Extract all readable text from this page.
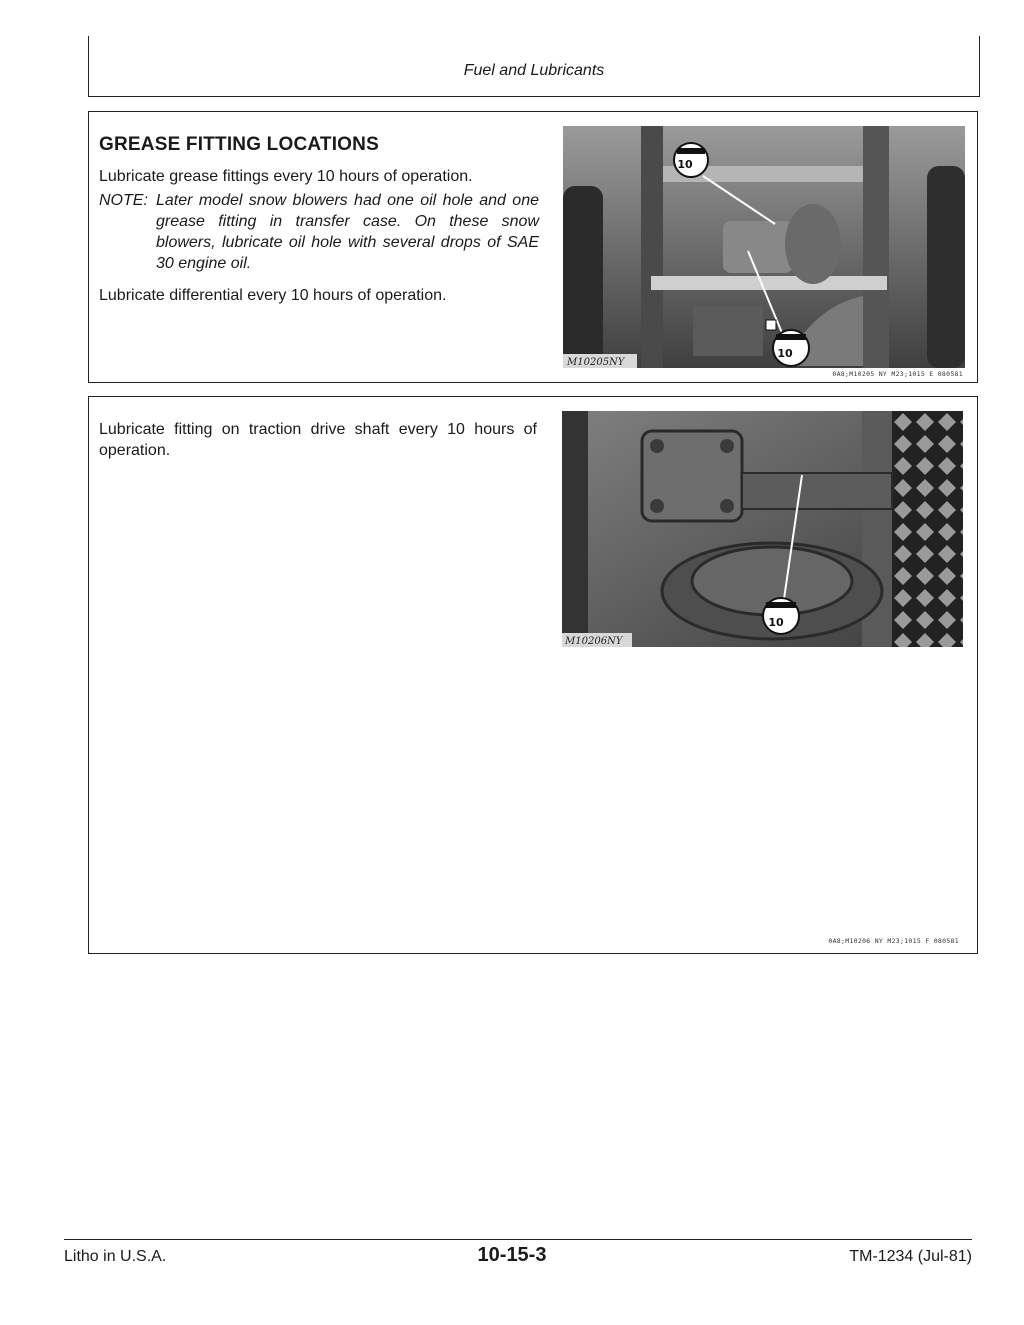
Fuel and Lubricants
GREASE FITTING LOCATIONS
Lubricate grease fittings every 10 hours of operation.
NOTE: Later model snow blowers had one oil hole and one grease fitting in transfer case. On these snow blowers, lubricate oil hole with several drops of SAE 30 engine oil.
Lubricate differential every 10 hours of operation.
10
10
M10205NY
0A8;M10205 NY M23;1015 E 080581
Lubricate fitting on traction drive shaft every 10 hours of operation.
10
M10206NY
0A8;M10206 NY M23;1015 F 080581
Litho in U.S.A.	10-15-3	TM-1234 (Jul-81)
